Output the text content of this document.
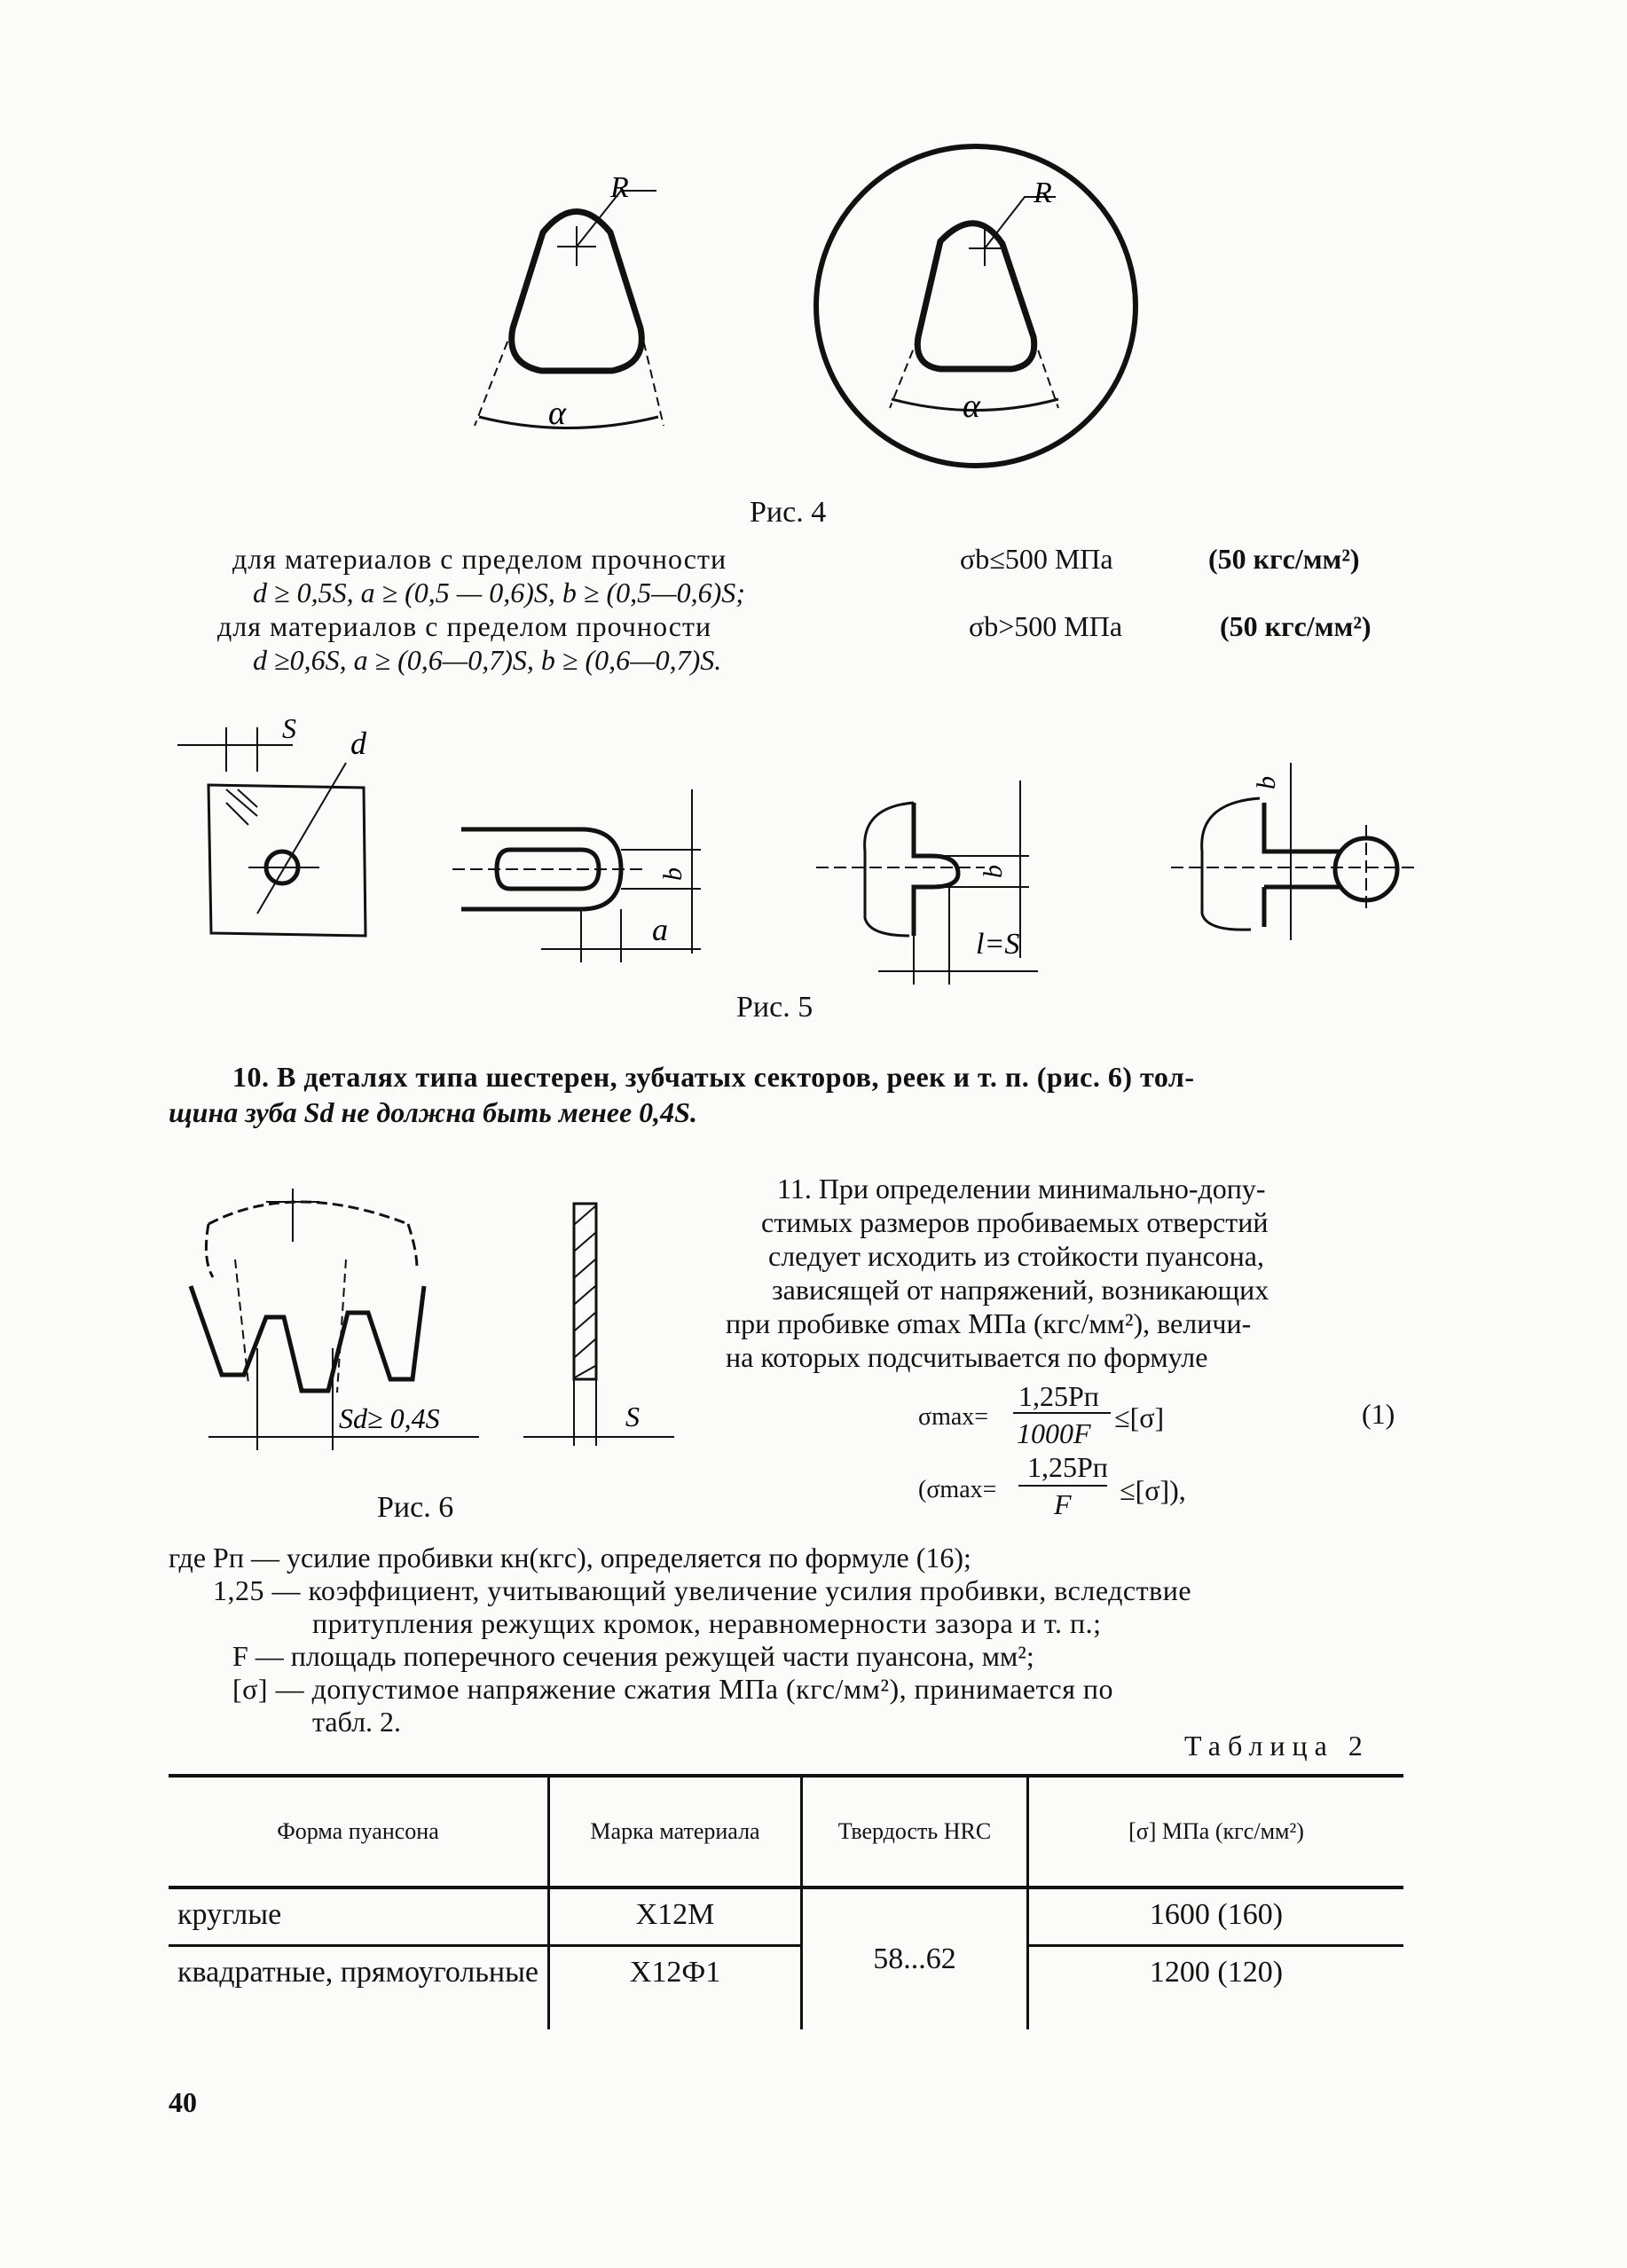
R
α
R
α
Рис. 4
для материалов с пределом прочности	σb≤500 МПа	(50 кгс/мм²)
d ≥ 0,5S, a ≥ (0,5 — 0,6)S, b ≥ (0,5—0,6)S;
для материалов с пределом прочности	σb>500 МПа	(50 кгс/мм²)
d ≥0,6S, a ≥ (0,6—0,7)S, b ≥ (0,6—0,7)S.
S d
b
a
b
l=S
b
Рис. 5
10. В деталях типа шестерен, зубчатых секторов, реек и т. п. (рис. 6) тол-
щина зуба Sd не должна быть менее 0,4S.
11. При определении минимально-допу-
стимых размеров пробиваемых отверстий
следует исходить из стойкости пуансона,
зависящей от напряжений, возникающих
при пробивке σmax МПа (кгс/мм²), величи-
на которых подсчитывается по формуле
1,25Pп
σmax=
1000F ≤[σ]	(1)
1,25Pп
(σmax= F ≤[σ]),
Sd≥ 0,4S	S
Рис. 6
где Pп — усилие пробивки кн(кгс), определяется по формуле (16);
1,25 — коэффициент, учитывающий увеличение усилия пробивки, вследствие
притупления режущих кромок, неравномерности зазора и т. п.;
F — площадь поперечного сечения режущей части пуансона, мм²;
[σ] — допустимое напряжение сжатия МПа (кгс/мм²), принимается по
табл. 2.
Таблица 2
Форма пуансона	Марка материала	Твердость HRC	[σ] МПа (кгс/мм²)
круглые	Х12М	58...62	1600 (160)
квадратные, прямоугольные	Х12Ф1		1200 (120)
40
